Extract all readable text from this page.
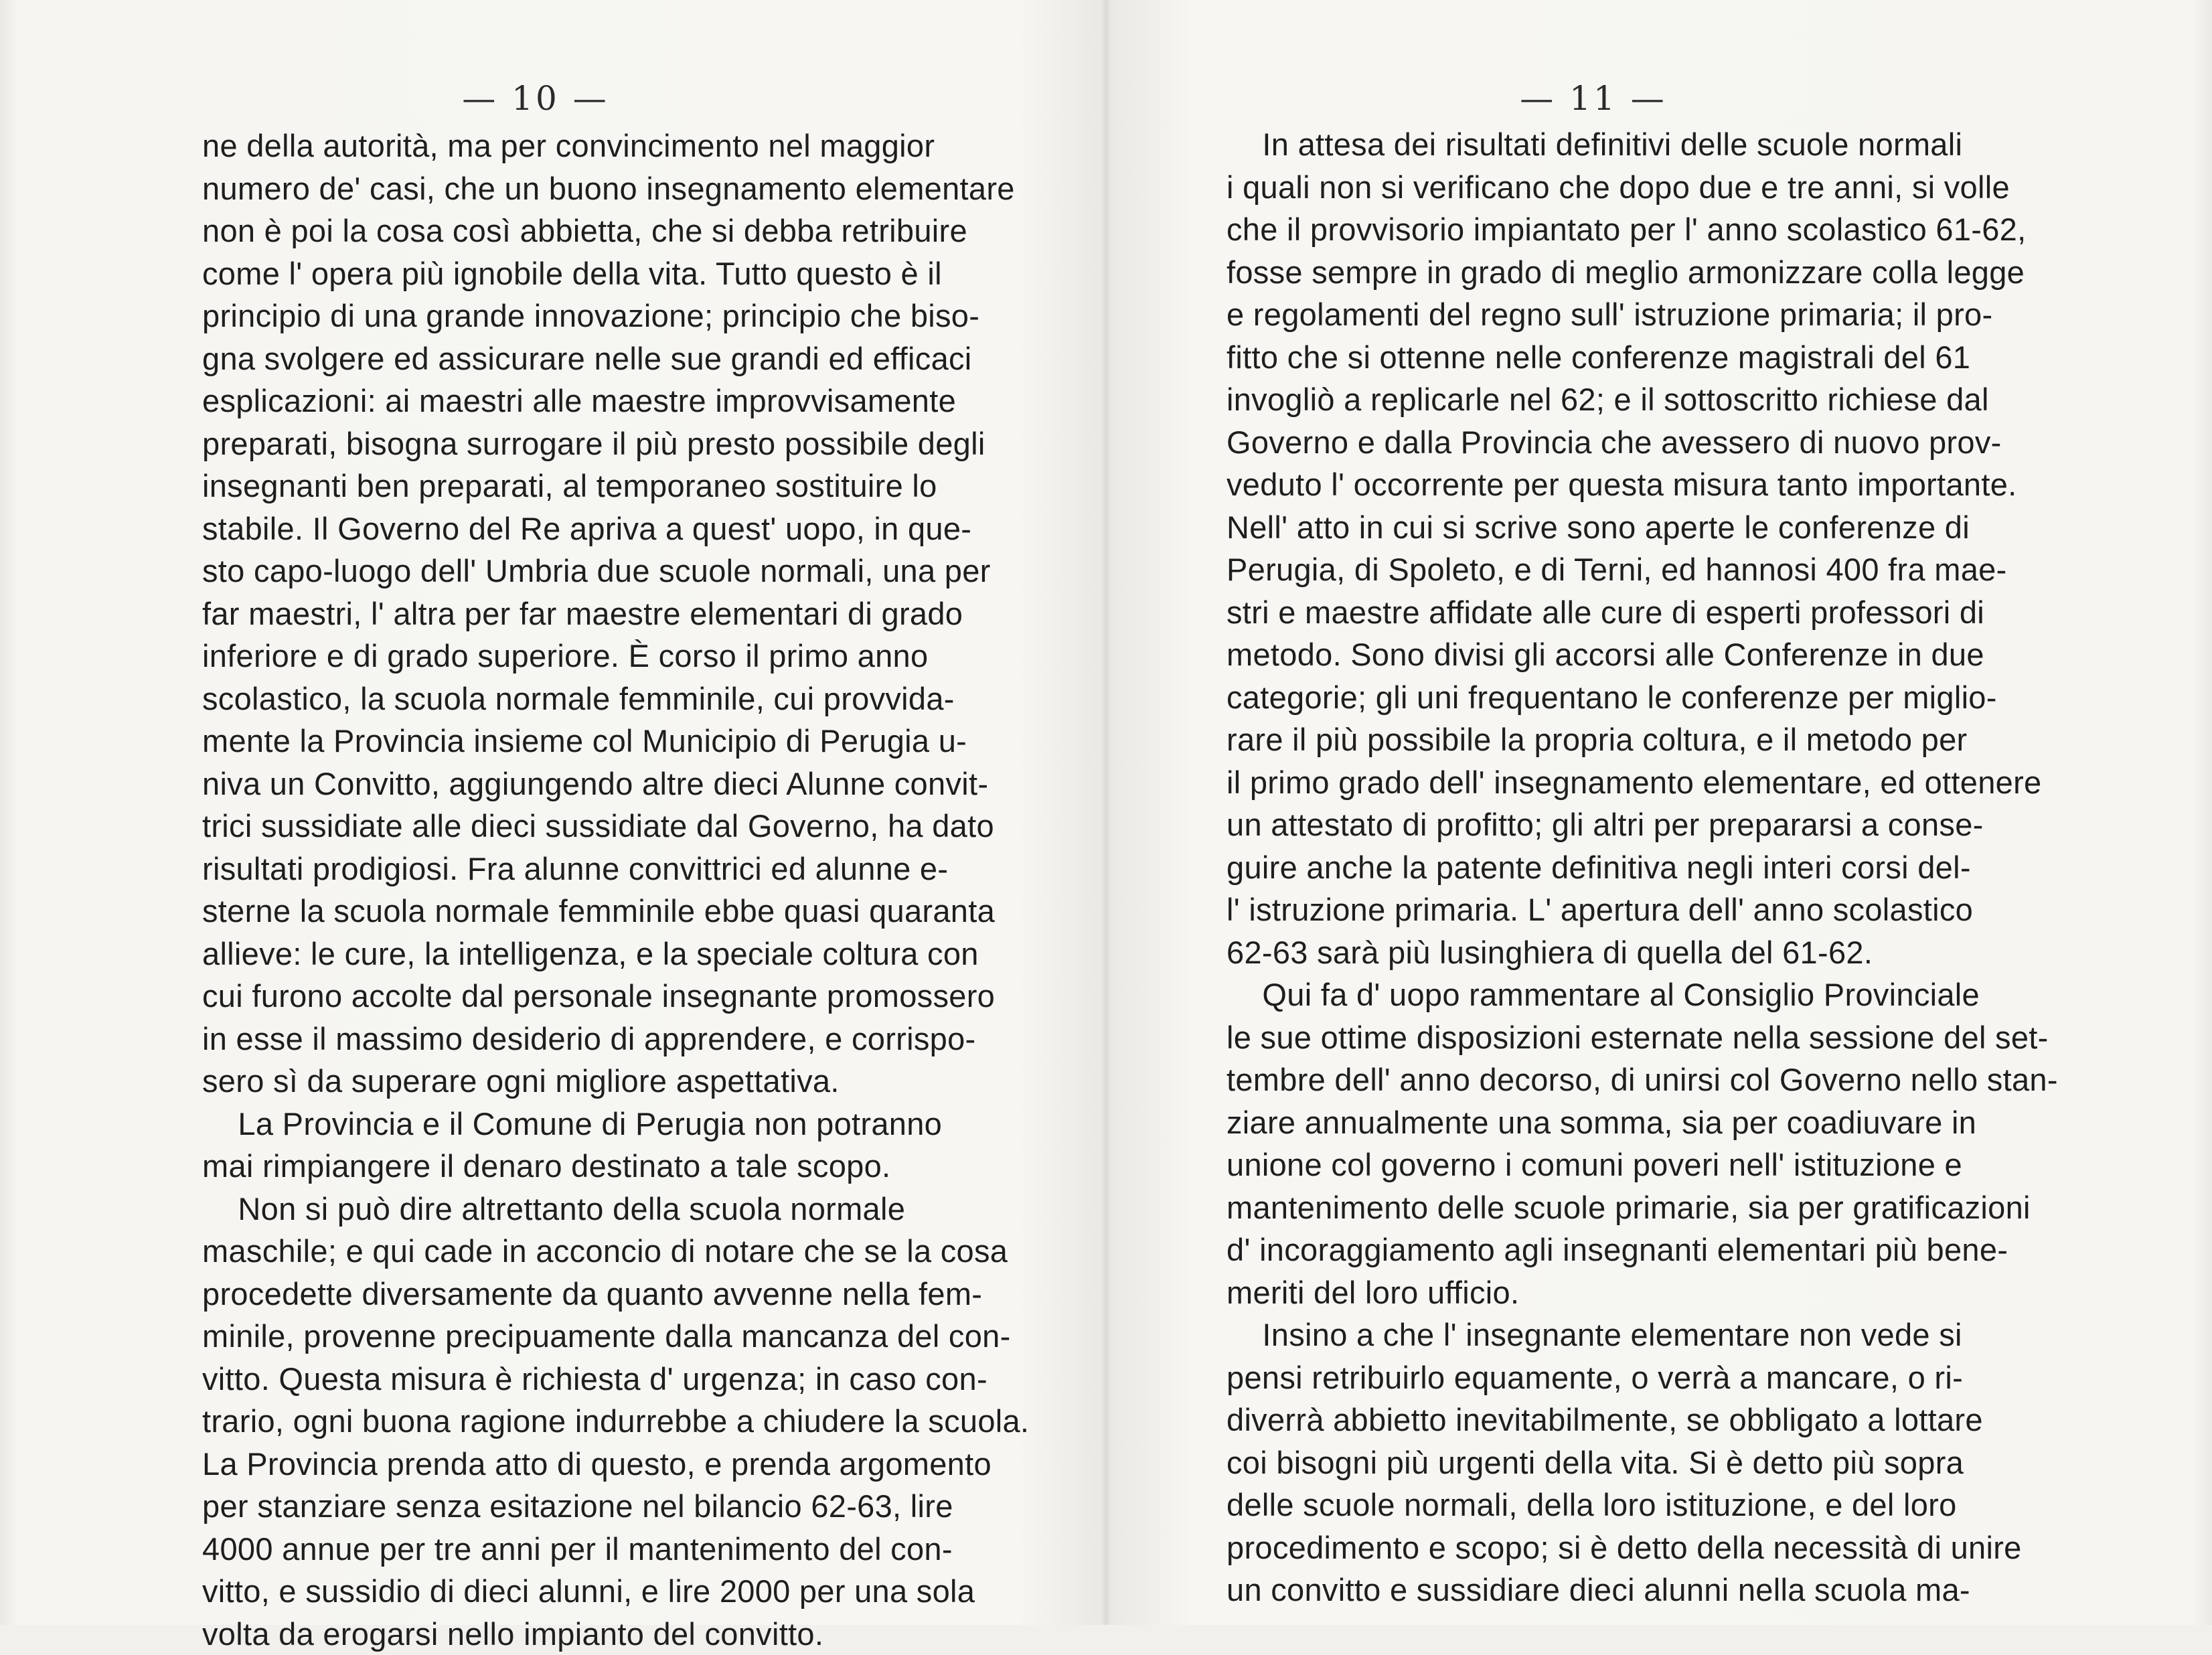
— 10 —
ne della autorità, ma per convincimento nel maggior
numero de' casi, che un buono insegnamento elementare
non è poi la cosa così abbietta, che si debba retribuire
come l' opera più ignobile della vita. Tutto questo è il
principio di una grande innovazione; principio che biso-
gna svolgere ed assicurare nelle sue grandi ed efficaci
esplicazioni: ai maestri alle maestre improvvisamente
preparati, bisogna surrogare il più presto possibile degli
insegnanti ben preparati, al temporaneo sostituire lo
stabile. Il Governo del Re apriva a quest' uopo, in que-
sto capo-luogo dell' Umbria due scuole normali, una per
far maestri, l' altra per far maestre elementari di grado
inferiore e di grado superiore. È corso il primo anno
scolastico, la scuola normale femminile, cui provvida-
mente la Provincia insieme col Municipio di Perugia u-
niva un Convitto, aggiungendo altre dieci Alunne convit-
trici sussidiate alle dieci sussidiate dal Governo, ha dato
risultati prodigiosi. Fra alunne convittrici ed alunne e-
sterne la scuola normale femminile ebbe quasi quaranta
allieve: le cure, la intelligenza, e la speciale coltura con
cui furono accolte dal personale insegnante promossero
in esse il massimo desiderio di apprendere, e corrispo-
sero sì da superare ogni migliore aspettativa.
La Provincia e il Comune di Perugia non potranno
mai rimpiangere il denaro destinato a tale scopo.
Non si può dire altrettanto della scuola normale
maschile; e qui cade in acconcio di notare che se la cosa
procedette diversamente da quanto avvenne nella fem-
minile, provenne precipuamente dalla mancanza del con-
vitto. Questa misura è richiesta d' urgenza; in caso con-
trario, ogni buona ragione indurrebbe a chiudere la scuola.
La Provincia prenda atto di questo, e prenda argomento
per stanziare senza esitazione nel bilancio 62-63, lire
4000 annue per tre anni per il mantenimento del con-
vitto, e sussidio di dieci alunni, e lire 2000 per una sola
volta da erogarsi nello impianto del convitto.
— 11 —
In attesa dei risultati definitivi delle scuole normali
i quali non si verificano che dopo due e tre anni, si volle
che il provvisorio impiantato per l' anno scolastico 61-62,
fosse sempre in grado di meglio armonizzare colla legge
e regolamenti del regno sull' istruzione primaria; il pro-
fitto che si ottenne nelle conferenze magistrali del 61
invogliò a replicarle nel 62; e il sottoscritto richiese dal
Governo e dalla Provincia che avessero di nuovo prov-
veduto l' occorrente per questa misura tanto importante.
Nell' atto in cui si scrive sono aperte le conferenze di
Perugia, di Spoleto, e di Terni, ed hannosi 400 fra mae-
stri e maestre affidate alle cure di esperti professori di
metodo. Sono divisi gli accorsi alle Conferenze in due
categorie; gli uni frequentano le conferenze per miglio-
rare il più possibile la propria coltura, e il metodo per
il primo grado dell' insegnamento elementare, ed ottenere
un attestato di profitto; gli altri per prepararsi a conse-
guire anche la patente definitiva negli interi corsi del-
l' istruzione primaria. L' apertura dell' anno scolastico
62-63 sarà più lusinghiera di quella del 61-62.
Qui fa d' uopo rammentare al Consiglio Provinciale
le sue ottime disposizioni esternate nella sessione del set-
tembre dell' anno decorso, di unirsi col Governo nello stan-
ziare annualmente una somma, sia per coadiuvare in
unione col governo i comuni poveri nell' istituzione e
mantenimento delle scuole primarie, sia per gratificazioni
d' incoraggiamento agli insegnanti elementari più bene-
meriti del loro ufficio.
Insino a che l' insegnante elementare non vede si
pensi retribuirlo equamente, o verrà a mancare, o ri-
diverrà abbietto inevitabilmente, se obbligato a lottare
coi bisogni più urgenti della vita. Si è detto più sopra
delle scuole normali, della loro istituzione, e del loro
procedimento e scopo; si è detto della necessità di unire
un convitto e sussidiare dieci alunni nella scuola ma-
